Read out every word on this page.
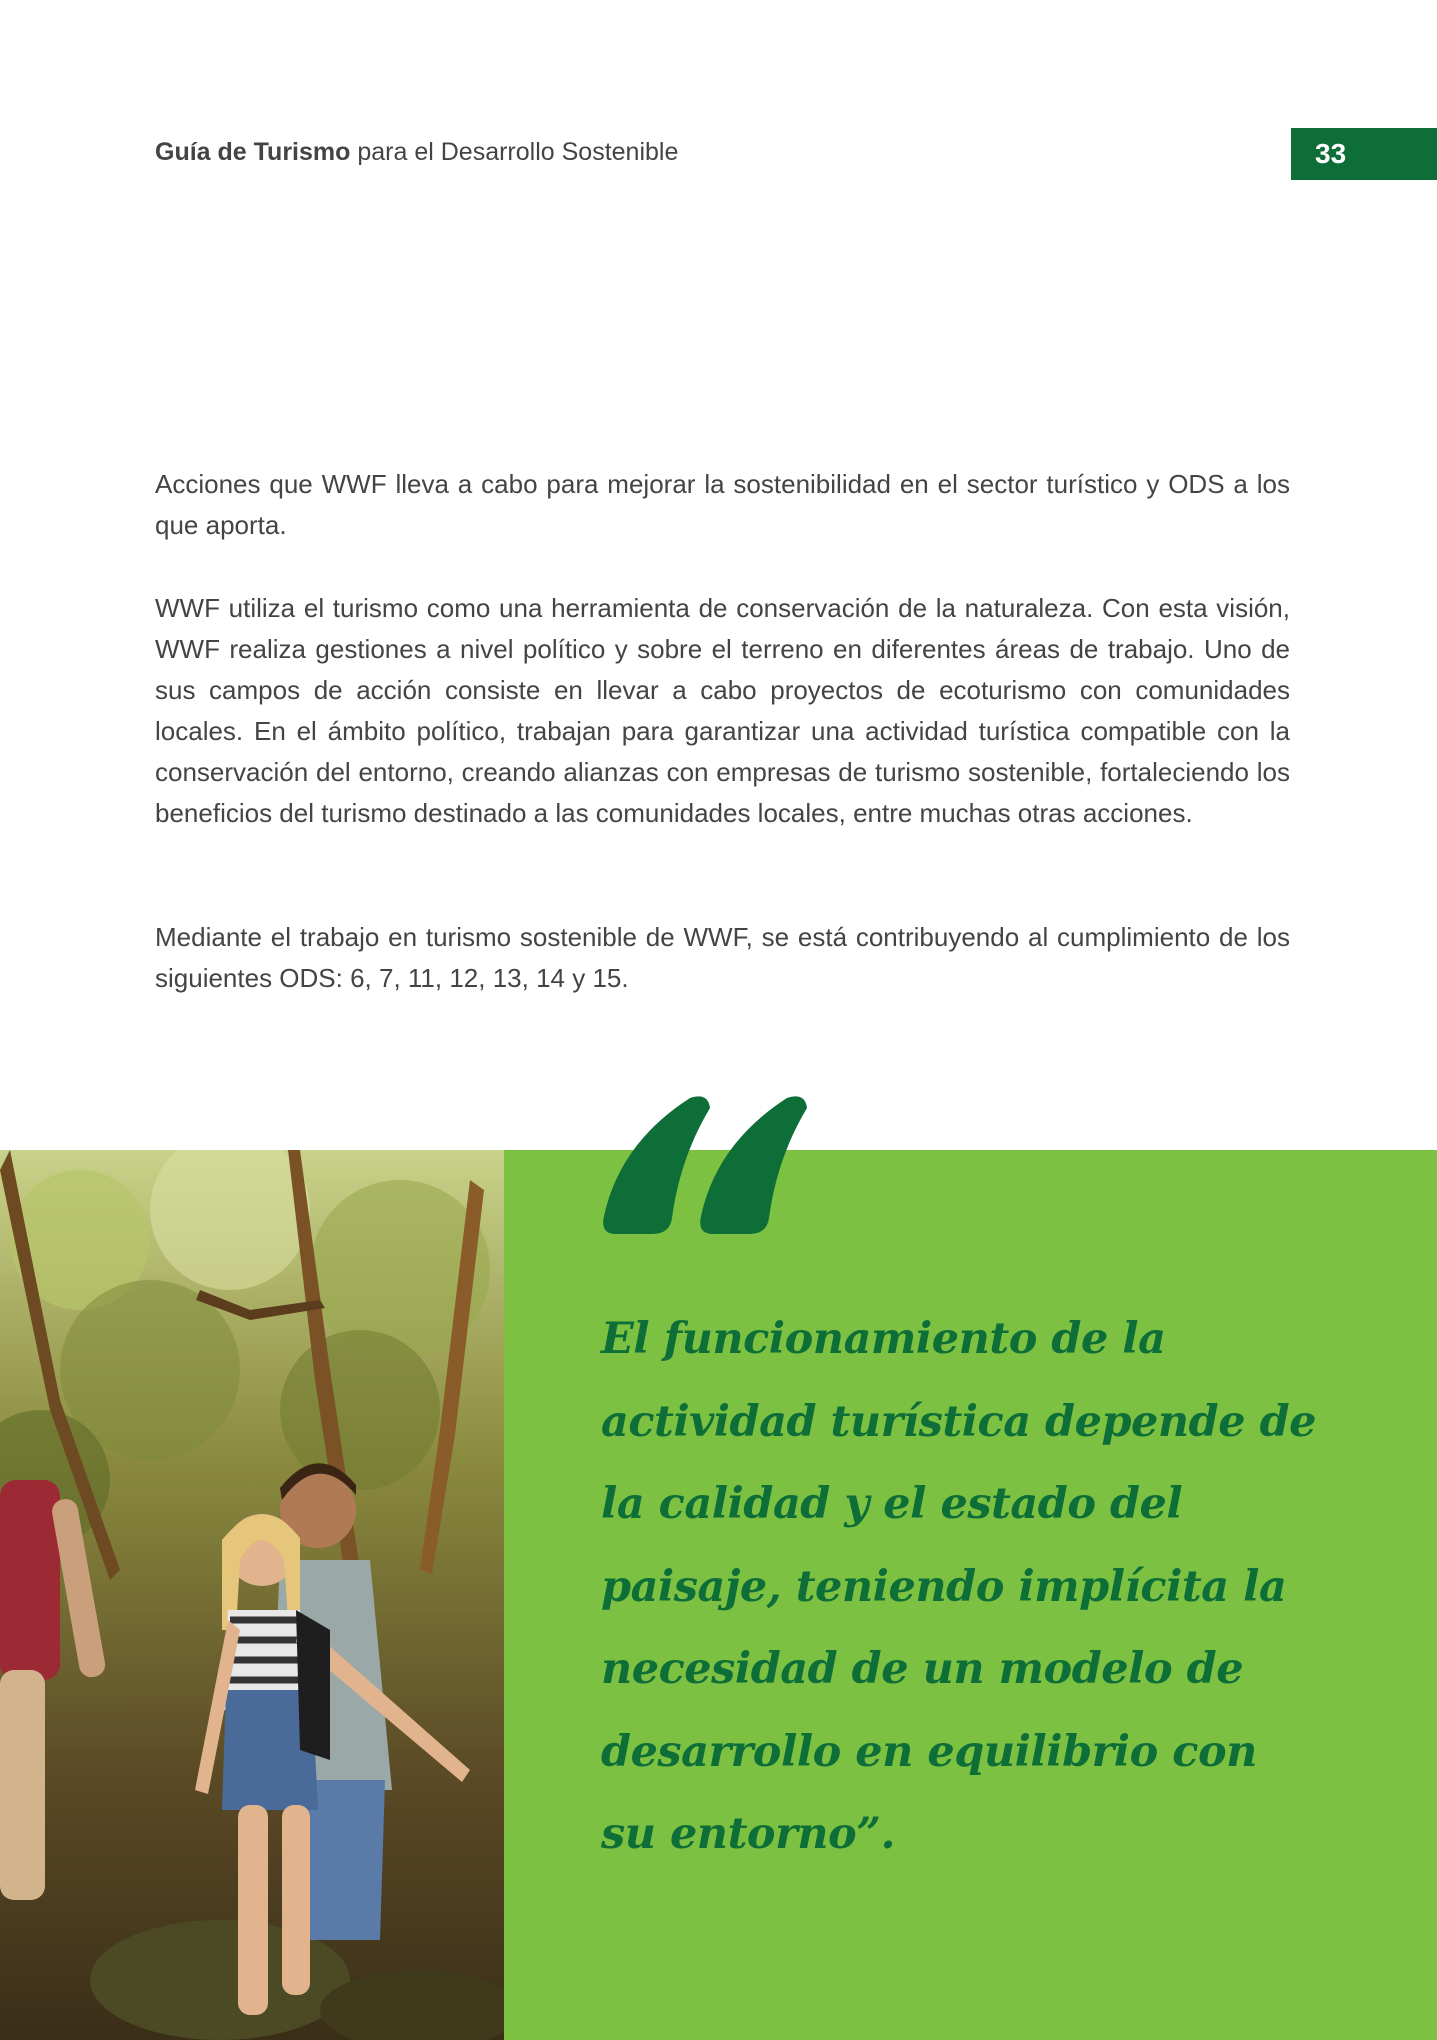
Guía de Turismo para el Desarrollo Sostenible	33

Acciones que WWF lleva a cabo para mejorar la sostenibilidad en el sector turístico y ODS a los que aporta.

WWF utiliza el turismo como una herramienta de conservación de la naturaleza. Con esta visión, WWF realiza gestiones a nivel político y sobre el terreno en diferentes áreas de trabajo. Uno de sus campos de acción consiste en llevar a cabo proyectos de ecoturismo con comunidades locales. En el ámbito político, trabajan para garantizar una actividad turística compatible con la conservación del entorno, creando alianzas con empresas de turismo sostenible, fortaleciendo los beneficios del turismo destinado a las comunidades locales, entre muchas otras acciones.

Mediante el trabajo en turismo sostenible de WWF, se está contribuyendo al cumplimiento de los siguientes ODS: 6, 7, 11, 12, 13, 14 y 15.

El funcionamiento de la actividad turística depende de la calidad y el estado del paisaje, teniendo implícita la necesidad de un modelo de desarrollo en equilibrio con su entorno”.
